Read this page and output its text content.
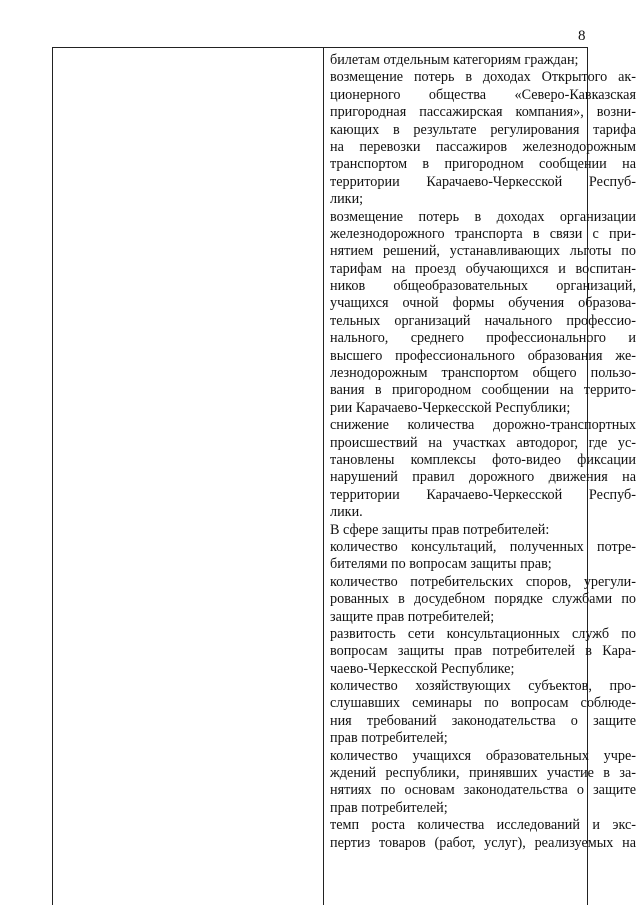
8
билетам отдельным категориям граждан;
возмещение потерь в доходах Открытого ак-
ционерного общества «Северо-Кавказская
пригородная пассажирская компания», возни-
кающих в результате регулирования тарифа
на перевозки пассажиров железнодорожным
транспортом в пригородном сообщении на
территории Карачаево-Черкесской Респуб-
лики;
возмещение потерь в доходах организации
железнодорожного транспорта в связи с при-
нятием решений, устанавливающих льготы по
тарифам на проезд обучающихся и воспитан-
ников общеобразовательных организаций,
учащихся очной формы обучения образова-
тельных организаций начального профессио-
нального, среднего профессионального и
высшего профессионального образования же-
лезнодорожным транспортом общего пользо-
вания в пригородном сообщении на террито-
рии Карачаево-Черкесской Республики;
снижение количества дорожно-транспортных
происшествий на участках автодорог, где ус-
тановлены комплексы фото-видео фиксации
нарушений правил дорожного движения на
территории Карачаево-Черкесской Респуб-
лики.
В сфере защиты прав потребителей:
количество консультаций, полученных потре-
бителями по вопросам защиты прав;
количество потребительских споров, урегули-
рованных в досудебном порядке службами по
защите прав потребителей;
развитость сети консультационных служб по
вопросам защиты прав потребителей в Кара-
чаево-Черкесской Республике;
количество хозяйствующих субъектов, про-
слушавших семинары по вопросам соблюде-
ния требований законодательства о защите
прав потребителей;
количество учащихся образовательных учре-
ждений республики, принявших участие в за-
нятиях по основам законодательства о защите
прав потребителей;
темп роста количества исследований и экс-
пертиз товаров (работ, услуг), реализуемых на
